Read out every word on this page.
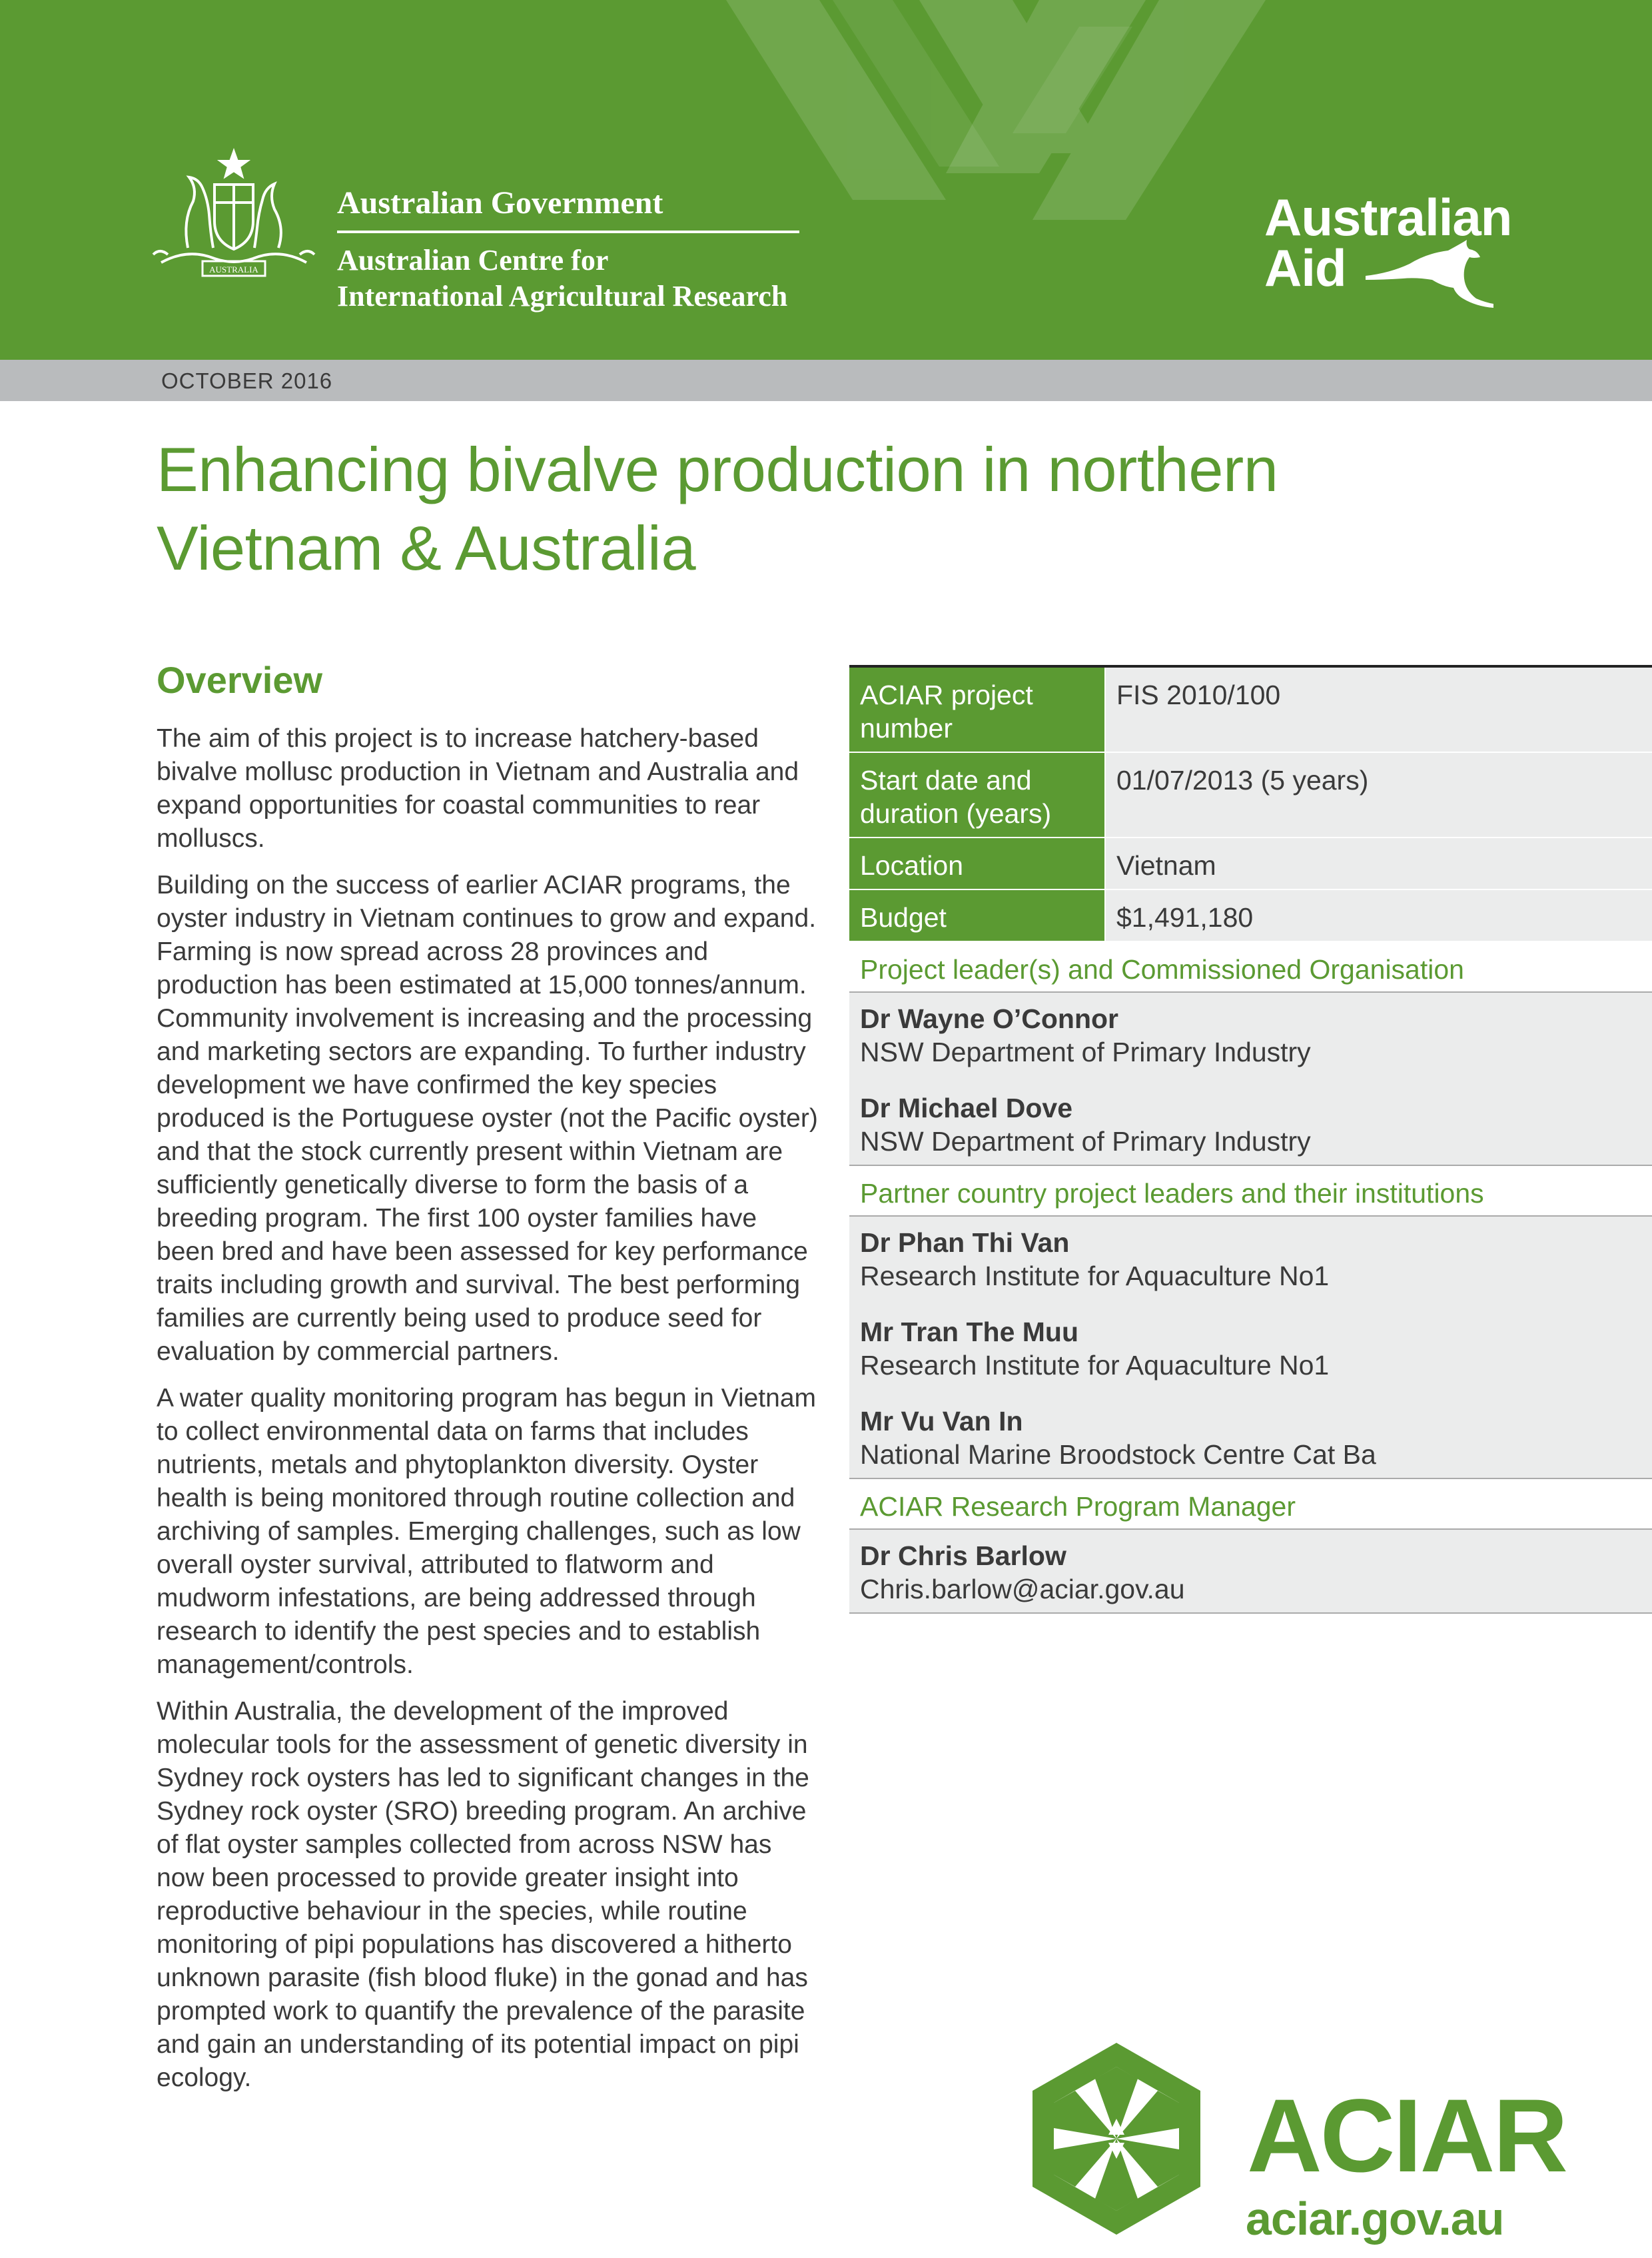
AUSTRALIA
Australian Government
Australian Centre for
International Agricultural Research
Australian
Aid
OCTOBER 2016
Enhancing bivalve production in northern
Vietnam & Australia
Overview

The aim of this project is to increase hatchery-based bivalve mollusc production in Vietnam and Australia and expand opportunities for coastal communities to rear molluscs.

Building on the success of earlier ACIAR programs, the oyster industry in Vietnam continues to grow and expand. Farming is now spread across 28 provinces and production has been estimated at 15,000 tonnes/annum. Community involvement is increasing and the processing and marketing sectors are expanding. To further industry development we have confirmed the key species produced is the Portuguese oyster (not the Pacific oyster) and that the stock currently present within Vietnam are sufficiently genetically diverse to form the basis of a breeding program. The first 100 oyster families have been bred and have been assessed for key performance traits including growth and survival. The best performing families are currently being used to produce seed for evaluation by commercial partners.

A water quality monitoring program has begun in Vietnam to collect environmental data on farms that includes nutrients, metals and phytoplankton diversity. Oyster health is being monitored through routine collection and archiving of samples. Emerging challenges, such as low overall oyster survival, attributed to flatworm and mudworm infestations, are being addressed through research to identify the pest species and to establish management/controls.

Within Australia, the development of the improved molecular tools for the assessment of genetic diversity in Sydney rock oysters has led to significant changes in the Sydney rock oyster (SRO) breeding program. An archive of flat oyster samples collected from across NSW has now been processed to provide greater insight into reproductive behaviour in the species, while routine monitoring of pipi populations has discovered a hitherto unknown parasite (fish blood fluke) in the gonad and has prompted work to quantify the prevalence of the parasite and gain an understanding of its potential impact on pipi ecology.

ACIAR project number
FIS 2010/100
Start date and duration (years)
01/07/2013 (5 years)
Location	Vietnam
Budget	$1,491,180
Project leader(s) and Commissioned Organisation
Dr Wayne O’Connor
NSW Department of Primary Industry
Dr Michael Dove
NSW Department of Primary Industry
Partner country project leaders and their institutions
Dr Phan Thi Van
Research Institute for Aquaculture No1
Mr Tran The Muu
Research Institute for Aquaculture No1
Mr Vu Van In
National Marine Broodstock Centre Cat Ba
ACIAR Research Program Manager
Dr Chris Barlow
Chris.barlow@aciar.gov.au
ACIAR
aciar.gov.au
